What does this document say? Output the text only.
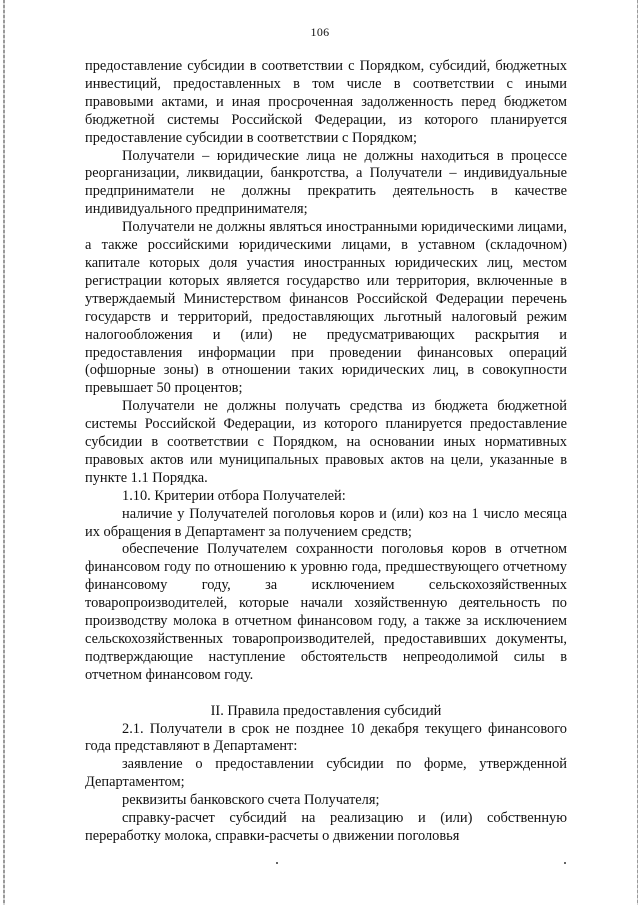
106

предоставление субсидии в соответствии с Порядком, субсидий, бюджетных инвестиций, предоставленных в том числе в соответствии с иными правовыми актами, и иная просроченная задолженность перед бюджетом бюджетной системы Российской Федерации, из которого планируется предоставление субсидии в соответствии с Порядком;

Получатели – юридические лица не должны находиться в процессе реорганизации, ликвидации, банкротства, а Получатели – индивидуальные предприниматели не должны прекратить деятельность в качестве индивидуального предпринимателя;

Получатели не должны являться иностранными юридическими лицами, а также российскими юридическими лицами, в уставном (складочном) капитале которых доля участия иностранных юридических лиц, местом регистрации которых является государство или территория, включенные в утверждаемый Министерством финансов Российской Федерации перечень государств и территорий, предоставляющих льготный налоговый режим налогообложения и (или) не предусматривающих раскрытия и предоставления информации при проведении финансовых операций (офшорные зоны) в отношении таких юридических лиц, в совокупности превышает 50 процентов;

Получатели не должны получать средства из бюджета бюджетной системы Российской Федерации, из которого планируется предоставление субсидии в соответствии с Порядком, на основании иных нормативных правовых актов или муниципальных правовых актов на цели, указанные в пункте 1.1 Порядка.

1.10. Критерии отбора Получателей:

наличие у Получателей поголовья коров и (или) коз на 1 число месяца их обращения в Департамент за получением средств;

обеспечение Получателем сохранности поголовья коров в отчетном финансовом году по отношению к уровню года, предшествующего отчетному финансовому году, за исключением сельскохозяйственных товаропроизводителей, которые начали хозяйственную деятельность по производству молока в отчетном финансовом году, а также за исключением сельскохозяйственных товаропроизводителей, предоставивших документы, подтверждающие наступление обстоятельств непреодолимой силы в отчетном финансовом году.

II. Правила предоставления субсидий

2.1. Получатели в срок не позднее 10 декабря текущего финансового года представляют в Департамент:

заявление о предоставлении субсидии по форме, утвержденной Департаментом;

реквизиты банковского счета Получателя;

справку-расчет субсидий на реализацию и (или) собственную переработку молока, справки-расчеты о движении поголовья
